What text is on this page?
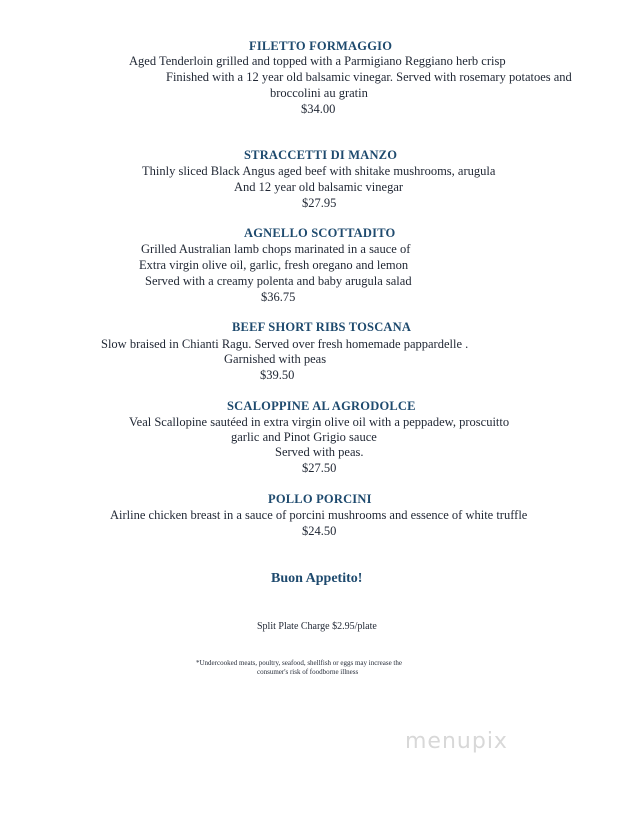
FILETTO FORMAGGIO
Aged Tenderloin grilled and topped with a Parmigiano Reggiano herb crisp
Finished with a 12 year old balsamic vinegar. Served with rosemary potatoes and
broccolini au gratin
$34.00
STRACCETTI DI MANZO
Thinly sliced Black Angus aged beef with shitake mushrooms, arugula
And 12 year old balsamic vinegar
$27.95
AGNELLO SCOTTADITO
Grilled Australian lamb chops marinated in a sauce of
Extra virgin olive oil, garlic, fresh oregano and lemon
Served with a creamy polenta and baby arugula salad
$36.75
BEEF SHORT RIBS TOSCANA
Slow braised in Chianti Ragu. Served over fresh homemade pappardelle .
Garnished with peas
$39.50
SCALOPPINE AL AGRODOLCE
Veal Scallopine sautéed in extra virgin olive oil with a peppadew, proscuitto
garlic and Pinot Grigio sauce
Served with peas.
$27.50
POLLO PORCINI
Airline chicken breast in a sauce of porcini mushrooms and essence of white truffle
$24.50
Buon Appetito!
Split Plate Charge $2.95/plate
*Undercooked meats, poultry, seafood, shellfish or eggs may increase the
consumer's risk of foodborne illness
menupix
